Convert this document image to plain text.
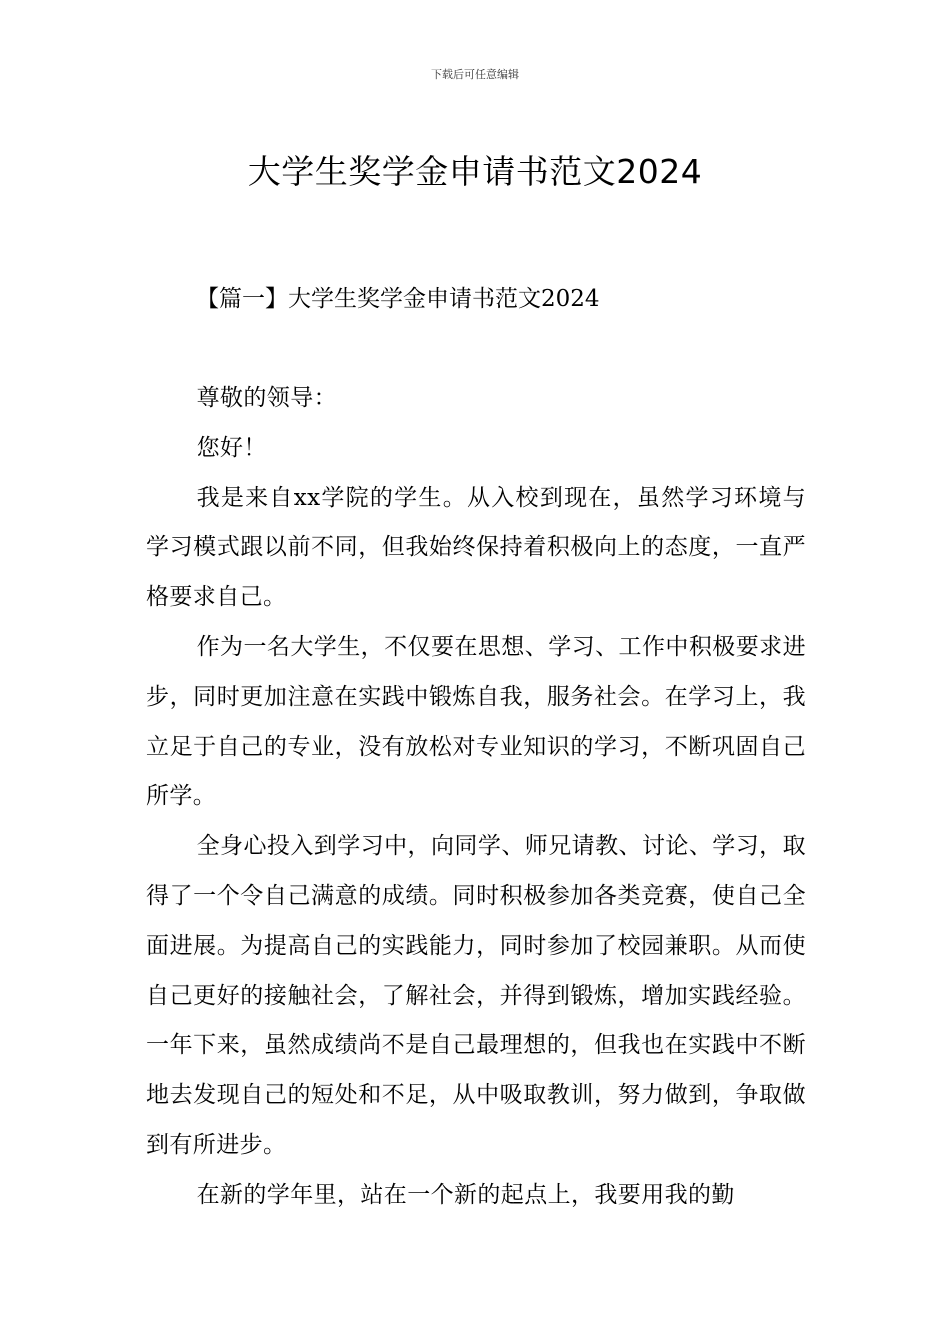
下载后可任意编辑
大学生奖学金申请书范文2024
【篇一】大学生奖学金申请书范文2024

尊敬的领导：

您好！

我是来自xx学院的学生。从入校到现在，虽然学习环境与学习模式跟以前不同，但我始终保持着积极向上的态度，一直严格要求自己。

作为一名大学生，不仅要在思想、学习、工作中积极要求进步，同时更加注意在实践中锻炼自我，服务社会。在学习上，我立足于自己的专业，没有放松对专业知识的学习，不断巩固自己所学。

全身心投入到学习中，向同学、师兄请教、讨论、学习，取得了一个令自己满意的成绩。同时积极参加各类竞赛，使自己全面进展。为提高自己的实践能力，同时参加了校园兼职。从而使自己更好的接触社会，了解社会，并得到锻炼，增加实践经验。一年下来，虽然成绩尚不是自己最理想的，但我也在实践中不断地去发现自己的短处和不足，从中吸取教训，努力做到，争取做到有所进步。

在新的学年里，站在一个新的起点上，我要用我的勤
